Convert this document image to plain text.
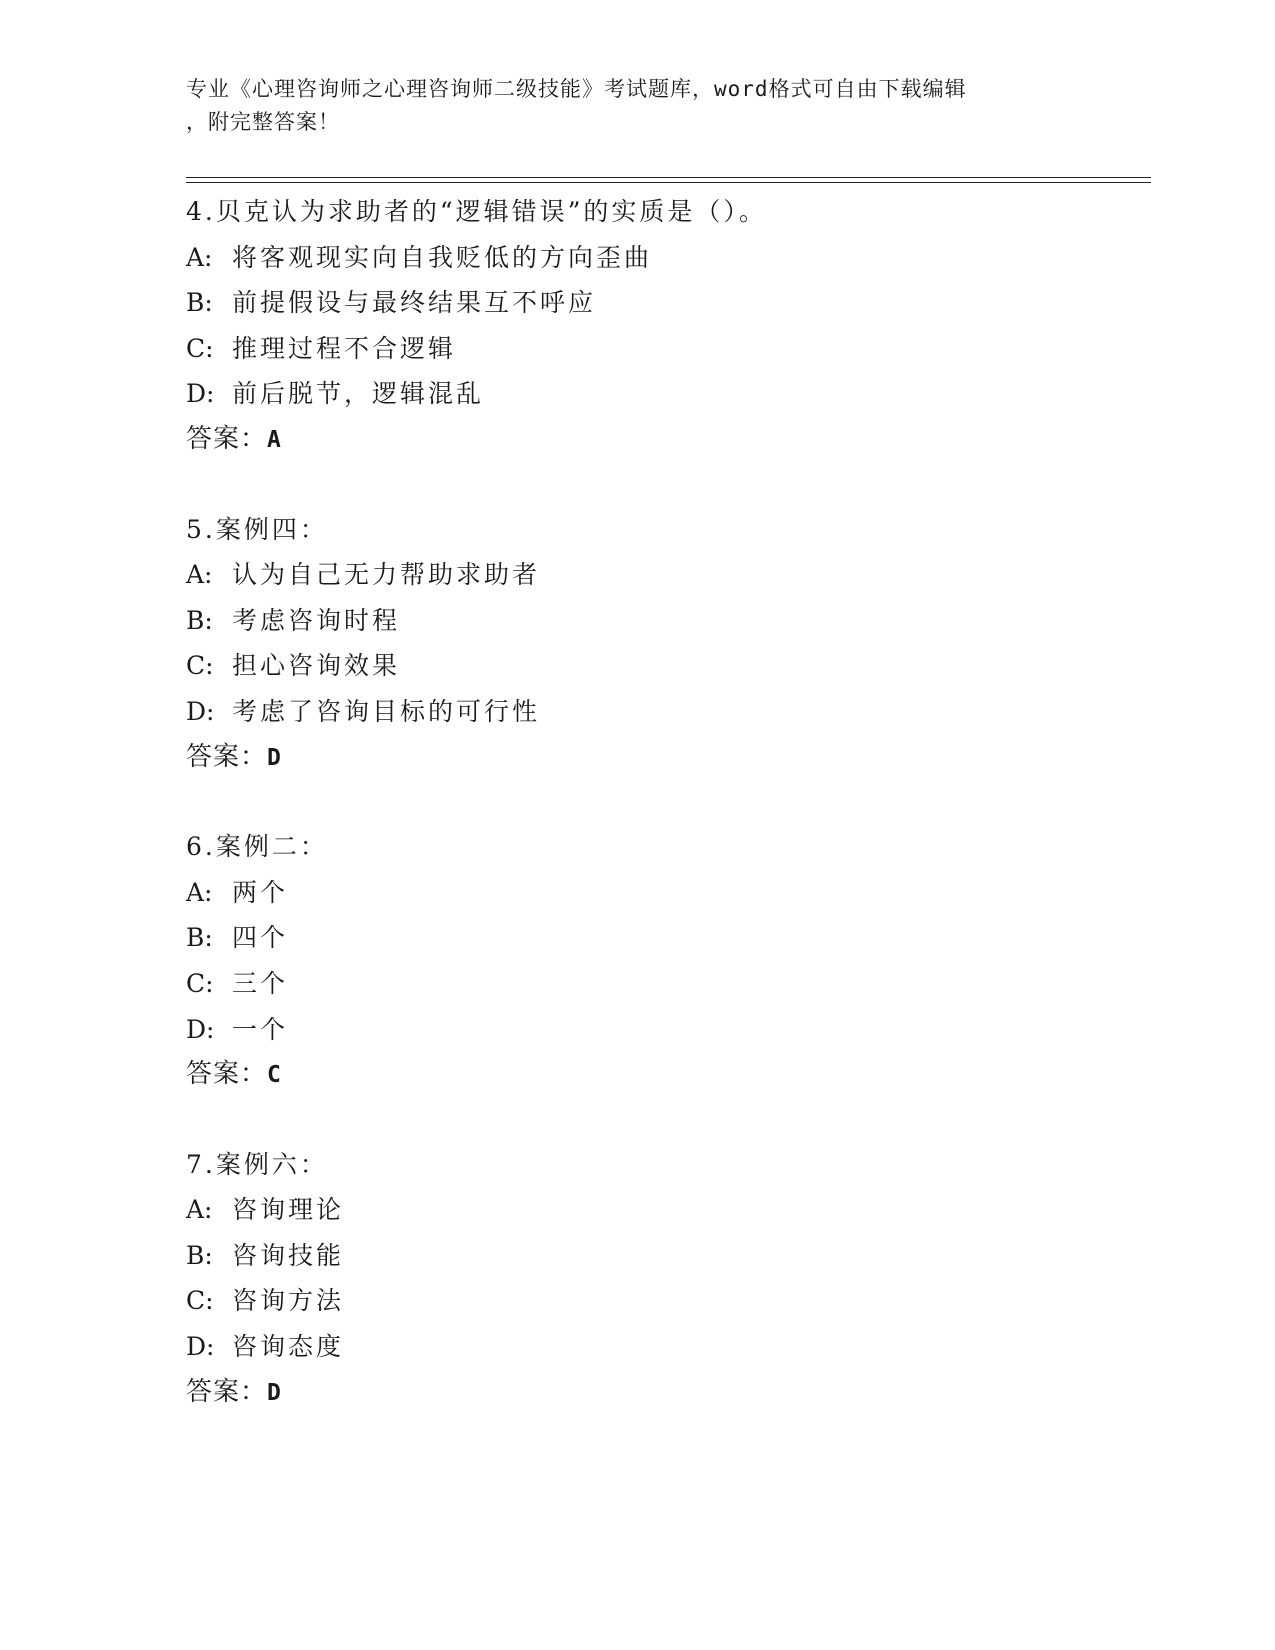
专业《心理咨询师之心理咨询师二级技能》考试题库，word格式可自由下载编辑
，附完整答案！
4.贝克认为求助者的“逻辑错误”的实质是（）。
A: 将客观现实向自我贬低的方向歪曲
B: 前提假设与最终结果互不呼应
C: 推理过程不合逻辑
D: 前后脱节，逻辑混乱
答案：A
5.案例四：
A: 认为自己无力帮助求助者
B: 考虑咨询时程
C: 担心咨询效果
D: 考虑了咨询目标的可行性
答案：D
6.案例二：
A: 两个
B: 四个
C: 三个
D: 一个
答案：C
7.案例六：
A: 咨询理论
B: 咨询技能
C: 咨询方法
D: 咨询态度
答案：D
